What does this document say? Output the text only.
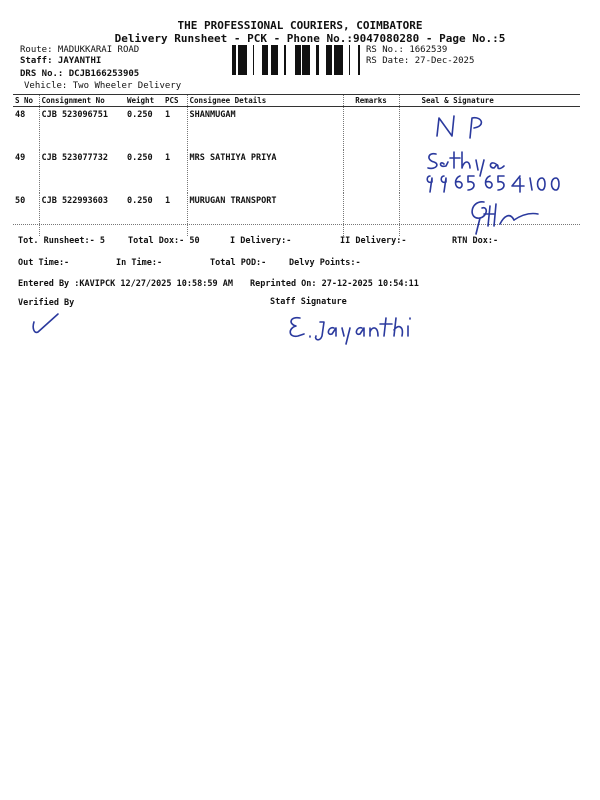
THE PROFESSIONAL COURIERS, COIMBATORE
Delivery Runsheet - PCK - Phone No.:9047080280 - Page No.:5
Route: MADUKKARAI ROAD
Staff: JAYANTHI
DRS No.: DCJB166253905
Vehicle: Two Wheeler Delivery
RS No.: 1662539
RS Date: 27-Dec-2025
S No	Consignment No	Weight	PCS	Consignee Details	Remarks	Seal & Signature
48	CJB 523096751	0.250	1	SHANMUGAM		
49	CJB 523077732	0.250	1	MRS SATHIYA PRIYA		
50	CJB 522993603	0.250	1	MURUGAN TRANSPORT		
Tot. Runsheet:- 5	Total Dox:- 50	I Delivery:-	II Delivery:-	RTN Dox:-
Out Time:-	In Time:-	Total POD:-	Delvy Points:-
Entered By :KAVIPCK 12/27/2025 10:58:59 AM Reprinted On: 27-12-2025 10:54:11
Verified By	Staff Signature
